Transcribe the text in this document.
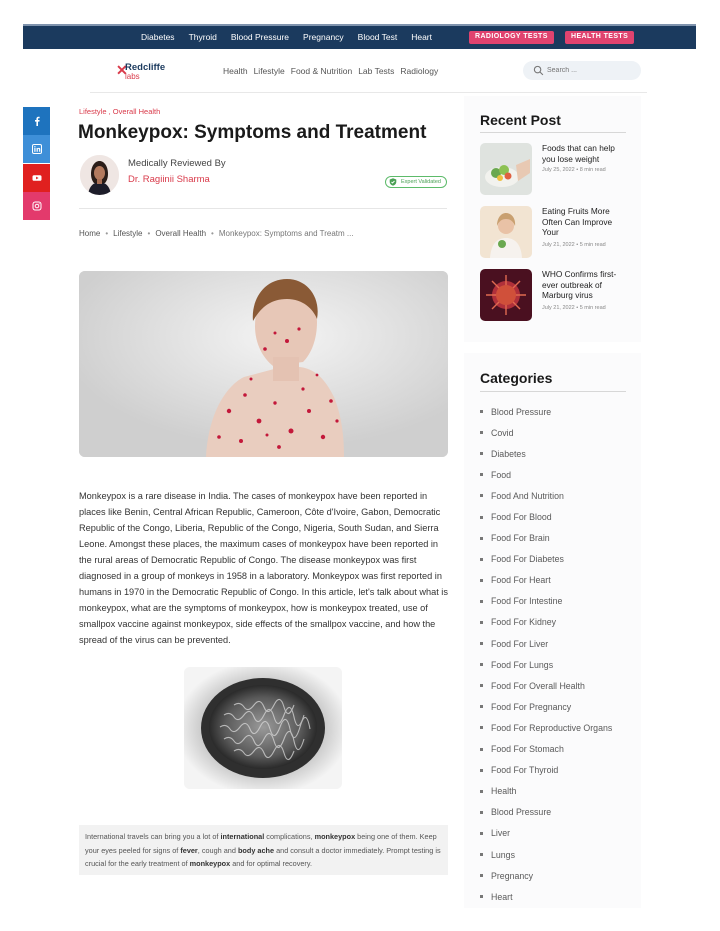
Diabetes Thyroid Blood Pressure Pregnancy Blood Test Heart	RADIOLOGY TESTS	HEALTH TESTS
✕
Redcliffe
labs
Health Lifestyle Food & Nutrition Lab Tests Radiology
Search ...
Lifestyle , Overall Health
Monkeypox: Symptoms and Treatment
Medically Reviewed By
Dr. Ragiinii Sharma	Expert Validated
Home • Lifestyle • Overall Health • Monkeypox: Symptoms and Treatm ...

Monkeypox is a rare disease in India. The cases of monkeypox have been reported in places like Benin, Central African Republic, Cameroon, Côte d'Ivoire, Gabon, Democratic Republic of the Congo, Liberia, Republic of the Congo, Nigeria, South Sudan, and Sierra Leone. Amongst these places, the maximum cases of monkeypox have been reported in the rural areas of Democratic Republic of Congo. The disease monkeypox was first diagnosed in a group of monkeys in 1958 in a laboratory. Monkeypox was first reported in humans in 1970 in the Democratic Republic of Congo. In this article, let's talk about what is monkeypox, what are the symptoms of monkeypox, how is monkeypox treated, use of smallpox vaccine against monkeypox, side effects of the smallpox vaccine, and how the spread of the virus can be prevented.

International travels can bring you a lot of international complications, monkeypox being one of them. Keep your eyes peeled for signs of fever, cough and body ache and consult a doctor immediately. Prompt testing is crucial for the early treatment of monkeypox and for optimal recovery.
Recent Post
Foods that can help you lose weight
July 25, 2022 • 8 min read
Eating Fruits More Often Can Improve Your
July 21, 2022 • 5 min read
WHO Confirms first-ever outbreak of Marburg virus
July 21, 2022 • 5 min read
Categories
Blood Pressure
Covid
Diabetes
Food
Food And Nutrition
Food For Blood
Food For Brain
Food For Diabetes
Food For Heart
Food For Intestine
Food For Kidney
Food For Liver
Food For Lungs
Food For Overall Health
Food For Pregnancy
Food For Reproductive Organs
Food For Stomach
Food For Thyroid
Health
Blood Pressure
Liver
Lungs
Pregnancy
Heart
